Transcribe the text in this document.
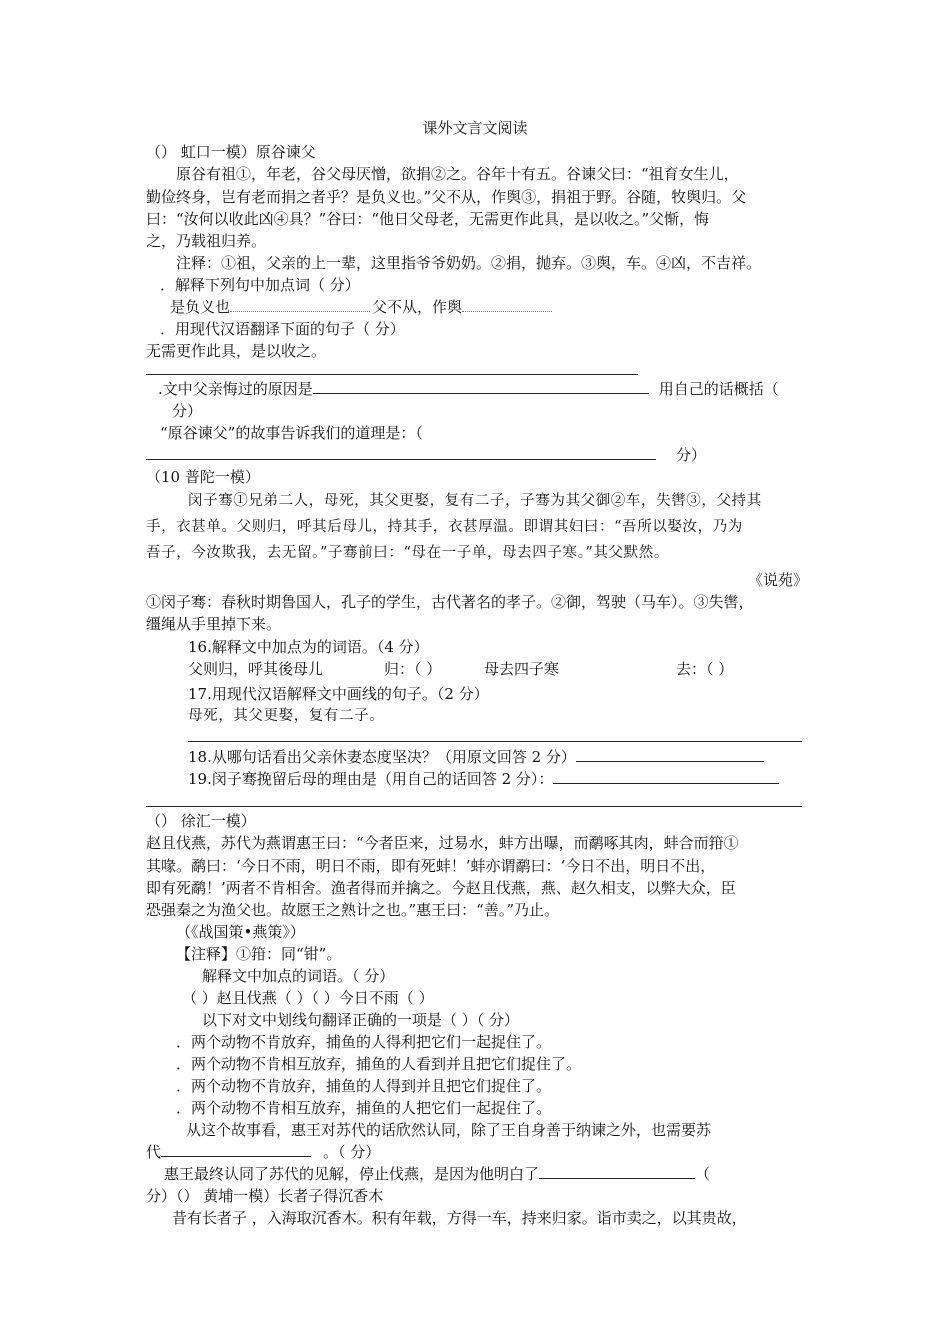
课外文言文阅读
（） 虹口一模）原谷谏父
原谷有祖①，年老，谷父母厌憎，欲捐②之。谷年十有五。谷谏父曰：“祖育女生儿，
勤俭终身，岂有老而捐之者乎？是负义也。”父不从，作舆③，捐祖于野。谷随，牧舆归。父
曰：“汝何以收此凶④具？”谷曰：“他日父母老，无需更作此具，是以收之。”父惭，悔
之，乃载祖归养。
注释：①祖，父亲的上一辈，这里指爷爷奶奶。②捐，抛弃。③舆，车。④凶，不吉祥。
．解释下列句中加点词（ 分）
是负义也	父不从，作舆
．用现代汉语翻译下面的句子（ 分）
无需更作此具，是以收之。
.文中父亲悔过的原因是	用自己的话概括（
分）
“原谷谏父”的故事告诉我们的道理是：（
分）
（10 普陀一模）
闵子骞①兄弟二人，母死，其父更娶，复有二子，子骞为其父御②车，失辔③，父持其
手，衣甚单。父则归，呼其后母儿，持其手，衣甚厚温。即谓其妇曰：“吾所以娶汝，乃为
吾子，今汝欺我，去无留。”子骞前曰：“母在一子单，母去四子寒。”其父默然。
《说苑》
①闵子骞：春秋时期鲁国人，孔子的学生，古代著名的孝子。②御，驾驶（马车）。③失辔，
缰绳从手里掉下来。
16.解释文中加点为的词语。（4 分）
父则归，呼其後母儿	归：（ ）	母去四子寒	去：（ ）
17.用现代汉语解释文中画线的句子。（2 分）
母死，其父更娶，复有二子。
18.从哪句话看出父亲休妻态度坚决？（用原文回答 2 分）
19.闵子骞挽留后母的理由是（用自己的话回答 2 分）：
（） 徐汇一模）
赵且伐燕，苏代为燕谓惠王曰：“今者臣来，过易水，蚌方出曝，而鹬啄其肉，蚌合而箝①
其喙。鹬曰：‘今日不雨，明日不雨，即有死蚌！’蚌亦谓鹬曰：‘今日不出，明日不出，
即有死鹬！’两者不肯相舍。渔者得而并擒之。今赵且伐燕，燕、赵久相支，以弊大众，臣
恐强秦之为渔父也。故愿王之熟计之也。”惠王曰：“善。”乃止。
（《战国策•燕策》）
【注释】①箝：同“钳”。
解释文中加点的词语。（ 分）
（ ）赵且伐燕（ ）（ ）今日不雨（ ）
以下对文中划线句翻译正确的一项是（ ）（ 分）
．两个动物不肯放弃，捕鱼的人得利把它们一起捉住了。
．两个动物不肯相互放弃，捕鱼的人看到并且把它们捉住了。
．两个动物不肯放弃，捕鱼的人得到并且把它们捉住了。
．两个动物不肯相互放弃，捕鱼的人把它们一起捉住了。
从这个故事看，惠王对苏代的话欣然认同，除了王自身善于纳谏之外，也需要苏
代	。（ 分）
惠王最终认同了苏代的见解，停止伐燕，是因为他明白了	（
分）（） 黄埔一模）长者子得沉香木
昔有长者子 ，入海取沉香木。积有年载，方得一车，持来归家。诣市卖之，以其贵故，
